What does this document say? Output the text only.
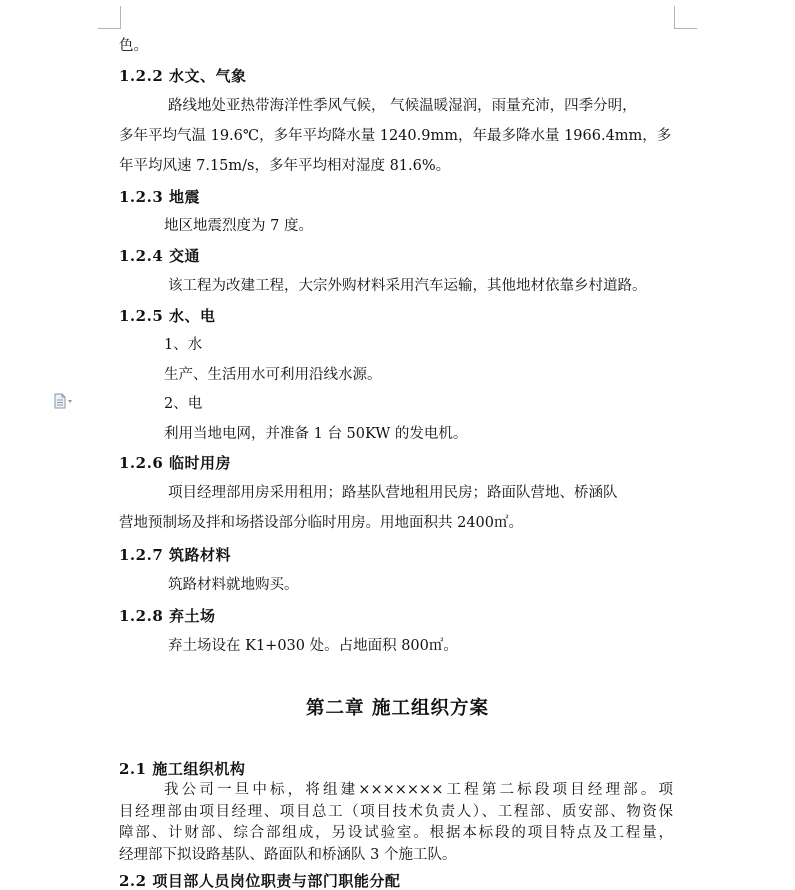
色。
1.2.2 水文、气象
路线地处亚热带海洋性季风气候， 气候温暖湿润，雨量充沛，四季分明，
多年平均气温 19.6℃，多年平均降水量 1240.9mm，年最多降水量 1966.4mm，多
年平均风速 7.15m/s，多年平均相对湿度 81.6%。
1.2.3 地震
地区地震烈度为 7 度。
1.2.4 交通
该工程为改建工程，大宗外购材料采用汽车运输，其他地材依靠乡村道路。
1.2.5 水、电
1、水
生产、生活用水可利用沿线水源。
2、电
利用当地电网，并准备 1 台 50KW 的发电机。
1.2.6 临时用房
项目经理部用房采用租用；路基队营地租用民房；路面队营地、桥涵队
营地预制场及拌和场搭设部分临时用房。用地面积共 2400㎡。
1.2.7 筑路材料
筑路材料就地购买。
1.2.8 弃土场
弃土场设在 K1+030 处。占地面积 800㎡。
第二章 施工组织方案
2.1 施工组织机构
我公司一旦中标，将组建×××××××工程第二标段项目经理部。项
目经理部由项目经理、项目总工（项目技术负责人）、工程部、质安部、物资保
障部、计财部、综合部组成，另设试验室。根据本标段的项目特点及工程量，
经理部下拟设路基队、路面队和桥涵队 3 个施工队。
2.2 项目部人员岗位职责与部门职能分配
